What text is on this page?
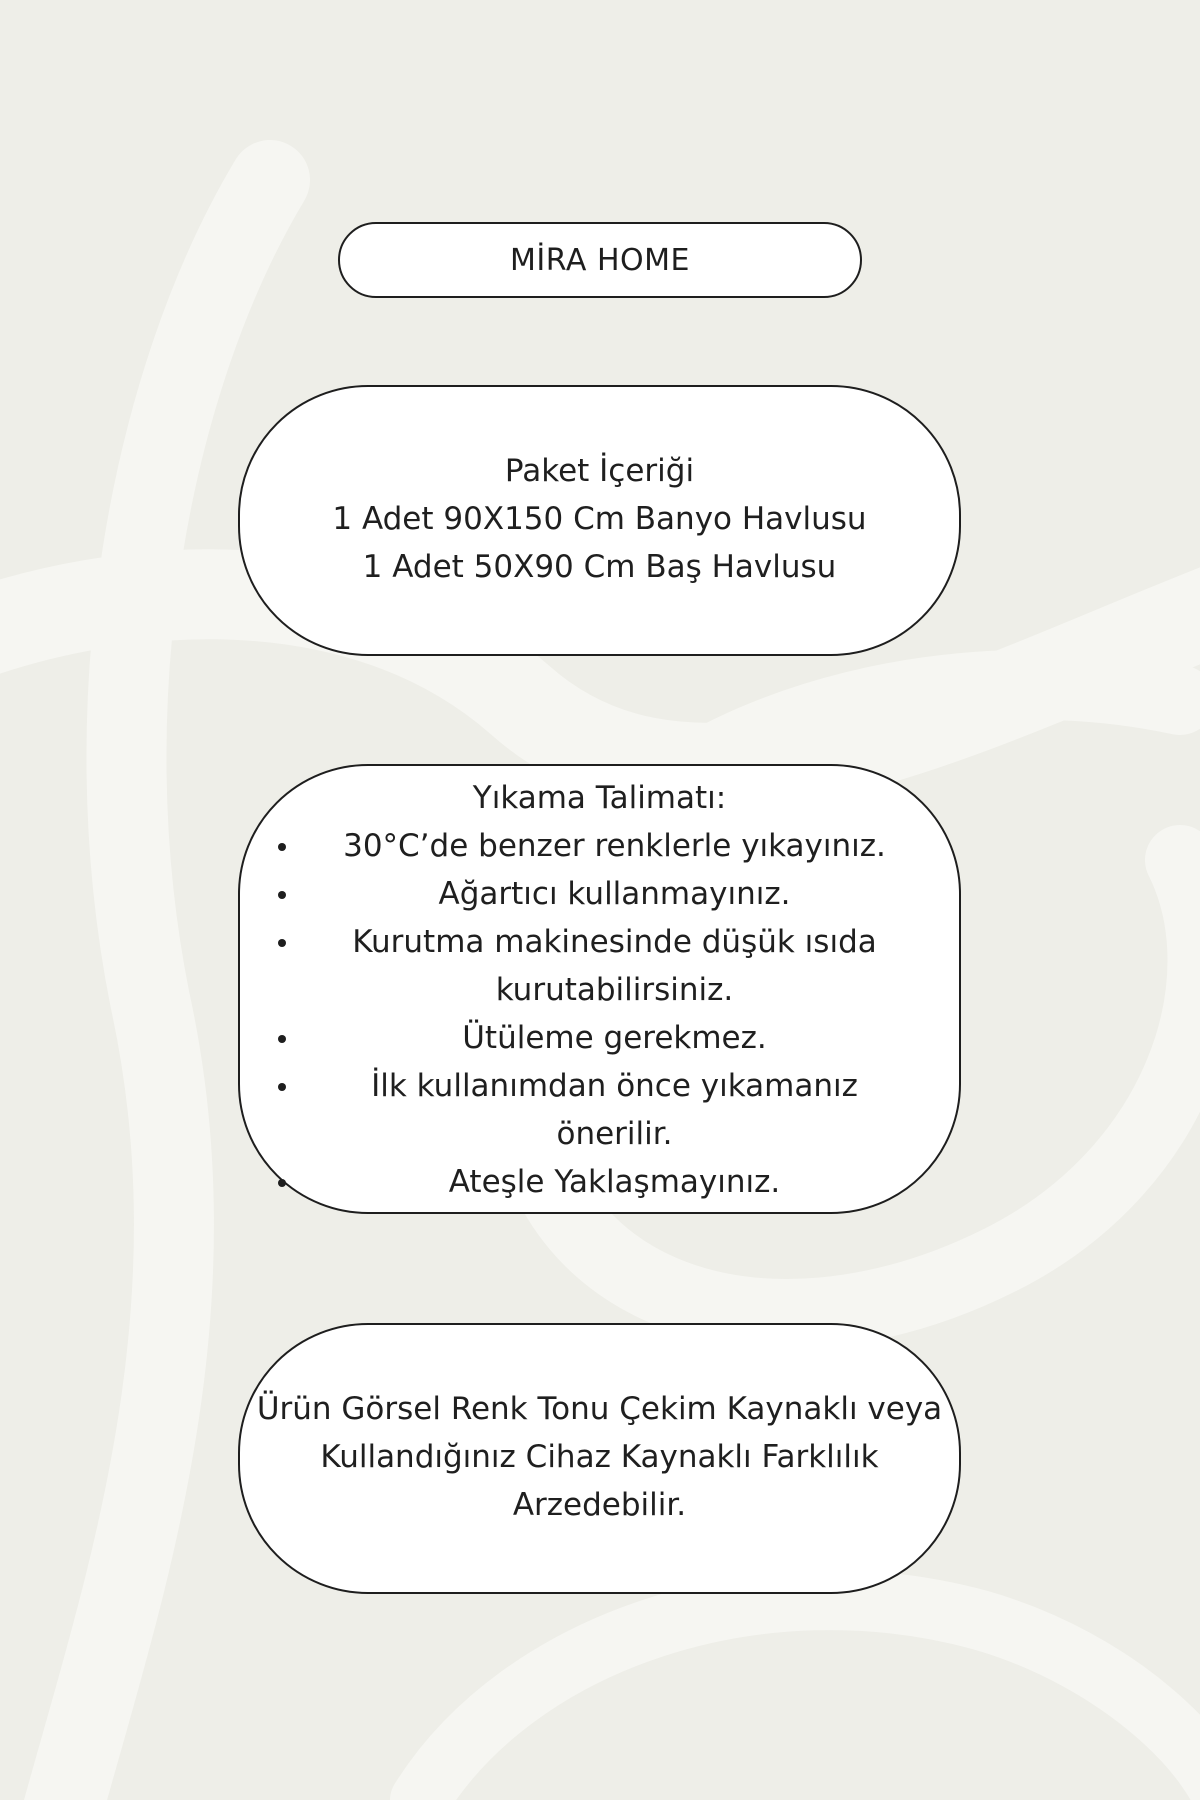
MİRA HOME
Paket İçeriği
1 Adet 90X150 Cm Banyo Havlusu
1 Adet 50X90 Cm Baş Havlusu
Yıkama Talimatı:
30°C’de benzer renklerle yıkayınız.
Ağartıcı kullanmayınız.
Kurutma makinesinde düşük ısıda kurutabilirsiniz.
Ütüleme gerekmez.
İlk kullanımdan önce yıkamanız önerilir.
Ateşle Yaklaşmayınız.
Ürün Görsel Renk Tonu Çekim Kaynaklı veya Kullandığınız Cihaz Kaynaklı Farklılık Arzedebilir.
